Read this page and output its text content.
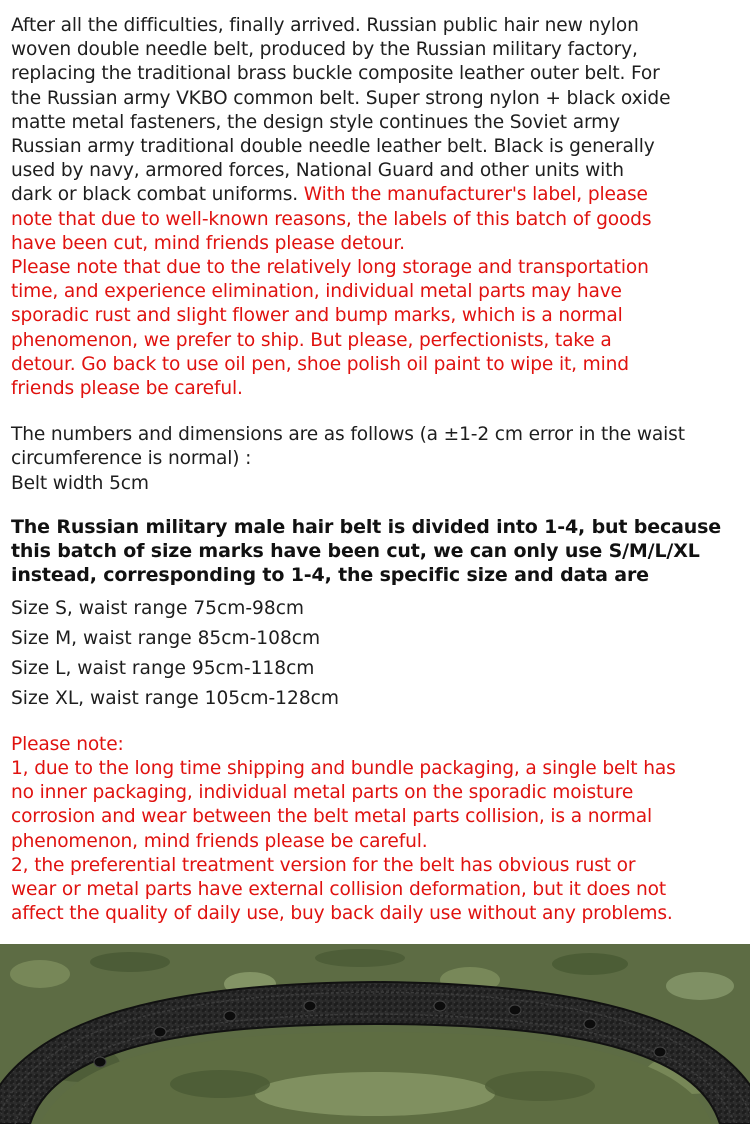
After all the difficulties, finally arrived. Russian public hair new nylon
woven double needle belt, produced by the Russian military factory,
replacing the traditional brass buckle composite leather outer belt. For
the Russian army VKBO common belt. Super strong nylon + black oxide
matte metal fasteners, the design style continues the Soviet army
Russian army traditional double needle leather belt. Black is generally
used by navy, armored forces, National Guard and other units with
dark or black combat uniforms. With the manufacturer's label, please
note that due to well-known reasons, the labels of this batch of goods
have been cut, mind friends please detour.
Please note that due to the relatively long storage and transportation
time, and experience elimination, individual metal parts may have
sporadic rust and slight flower and bump marks, which is a normal
phenomenon, we prefer to ship. But please, perfectionists, take a
detour. Go back to use oil pen, shoe polish oil paint to wipe it, mind
friends please be careful.

The numbers and dimensions are as follows (a ±1-2 cm error in the waist
circumference is normal) :
Belt width 5cm

The Russian military male hair belt is divided into 1-4, but because
this batch of size marks have been cut, we can only use S/M/L/XL
instead, corresponding to 1-4, the specific size and data are

Size S, waist range 75cm-98cm

Size M, waist range 85cm-108cm

Size L, waist range 95cm-118cm

Size XL, waist range 105cm-128cm

Please note:

1, due to the long time shipping and bundle packaging, a single belt has
no inner packaging, individual metal parts on the sporadic moisture
corrosion and wear between the belt metal parts collision, is a normal
phenomenon, mind friends please be careful.

2, the preferential treatment version for the belt has obvious rust or
wear or metal parts have external collision deformation, but it does not
affect the quality of daily use, buy back daily use without any problems.
